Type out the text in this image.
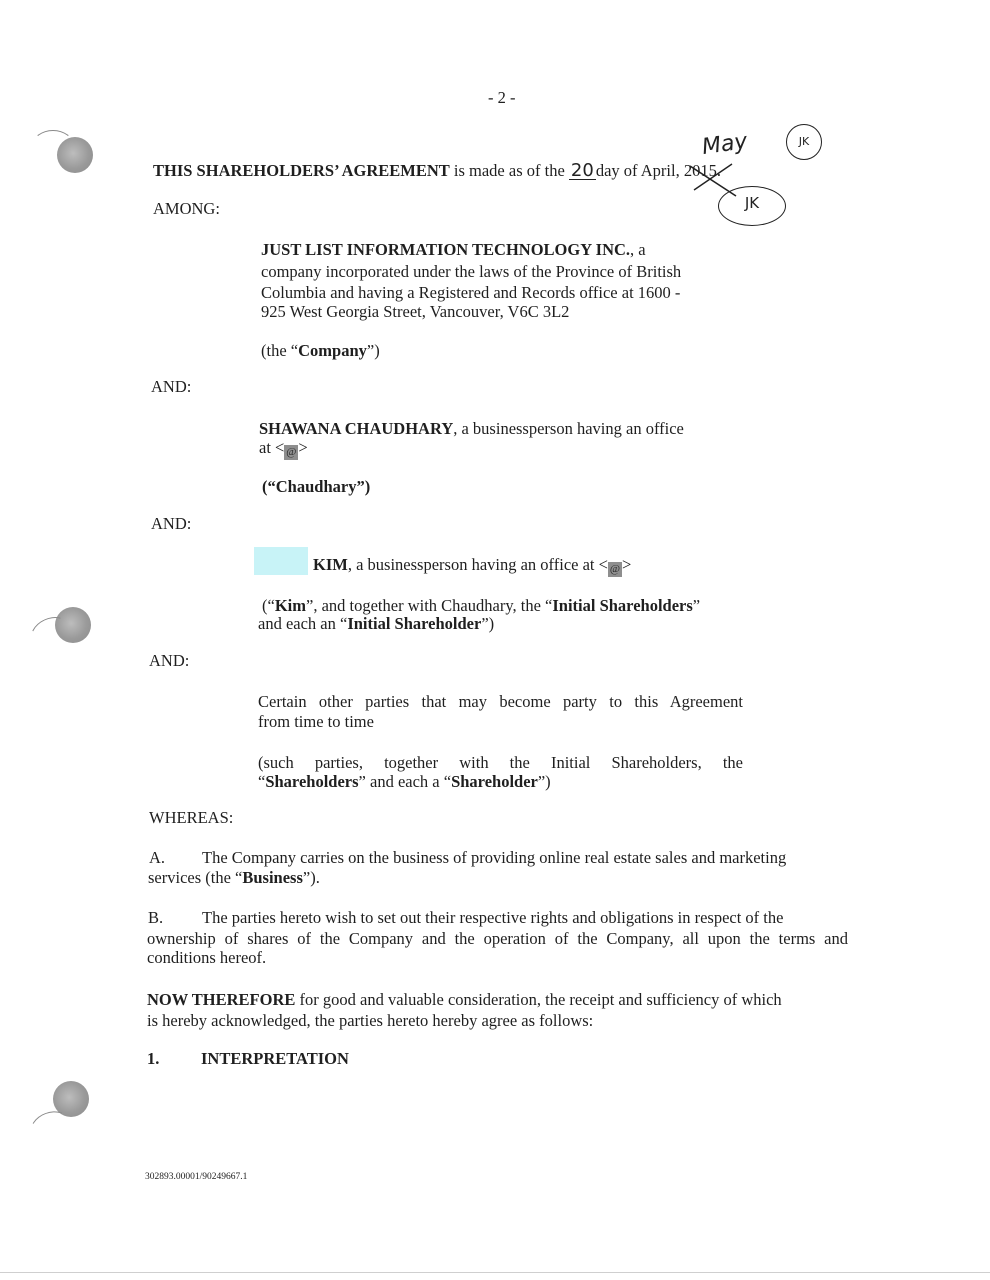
- 2 -
May	JK
JK
THIS SHAREHOLDERS’ AGREEMENT is made as of the 20 day of April, 2015.
AMONG:
JUST LIST INFORMATION TECHNOLOGY INC., a
company incorporated under the laws of the Province of British
Columbia and having a Registered and Records office at 1600 -
925 West Georgia Street, Vancouver, V6C 3L2
(the “Company”)
AND:
SHAWANA CHAUDHARY, a businessperson having an office
at < @ >
(“Chaudhary”)
AND:
KIM, a businessperson having an office at < @ >
(“Kim”, and together with Chaudhary, the “Initial Shareholders”
and each an “Initial Shareholder”)
AND:
Certain other parties that may become party to this Agreement
from time to time
(such parties, together with the Initial Shareholders, the
“Shareholders” and each a “Shareholder”)
WHEREAS:
A. The Company carries on the business of providing online real estate sales and marketing
services (the “Business”).
B. The parties hereto wish to set out their respective rights and obligations in respect of the
ownership of shares of the Company and the operation of the Company, all upon the terms and
conditions hereof.
NOW THEREFORE for good and valuable consideration, the receipt and sufficiency of which
is hereby acknowledged, the parties hereto hereby agree as follows:
1.	INTERPRETATION
302893.00001/90249667.1
